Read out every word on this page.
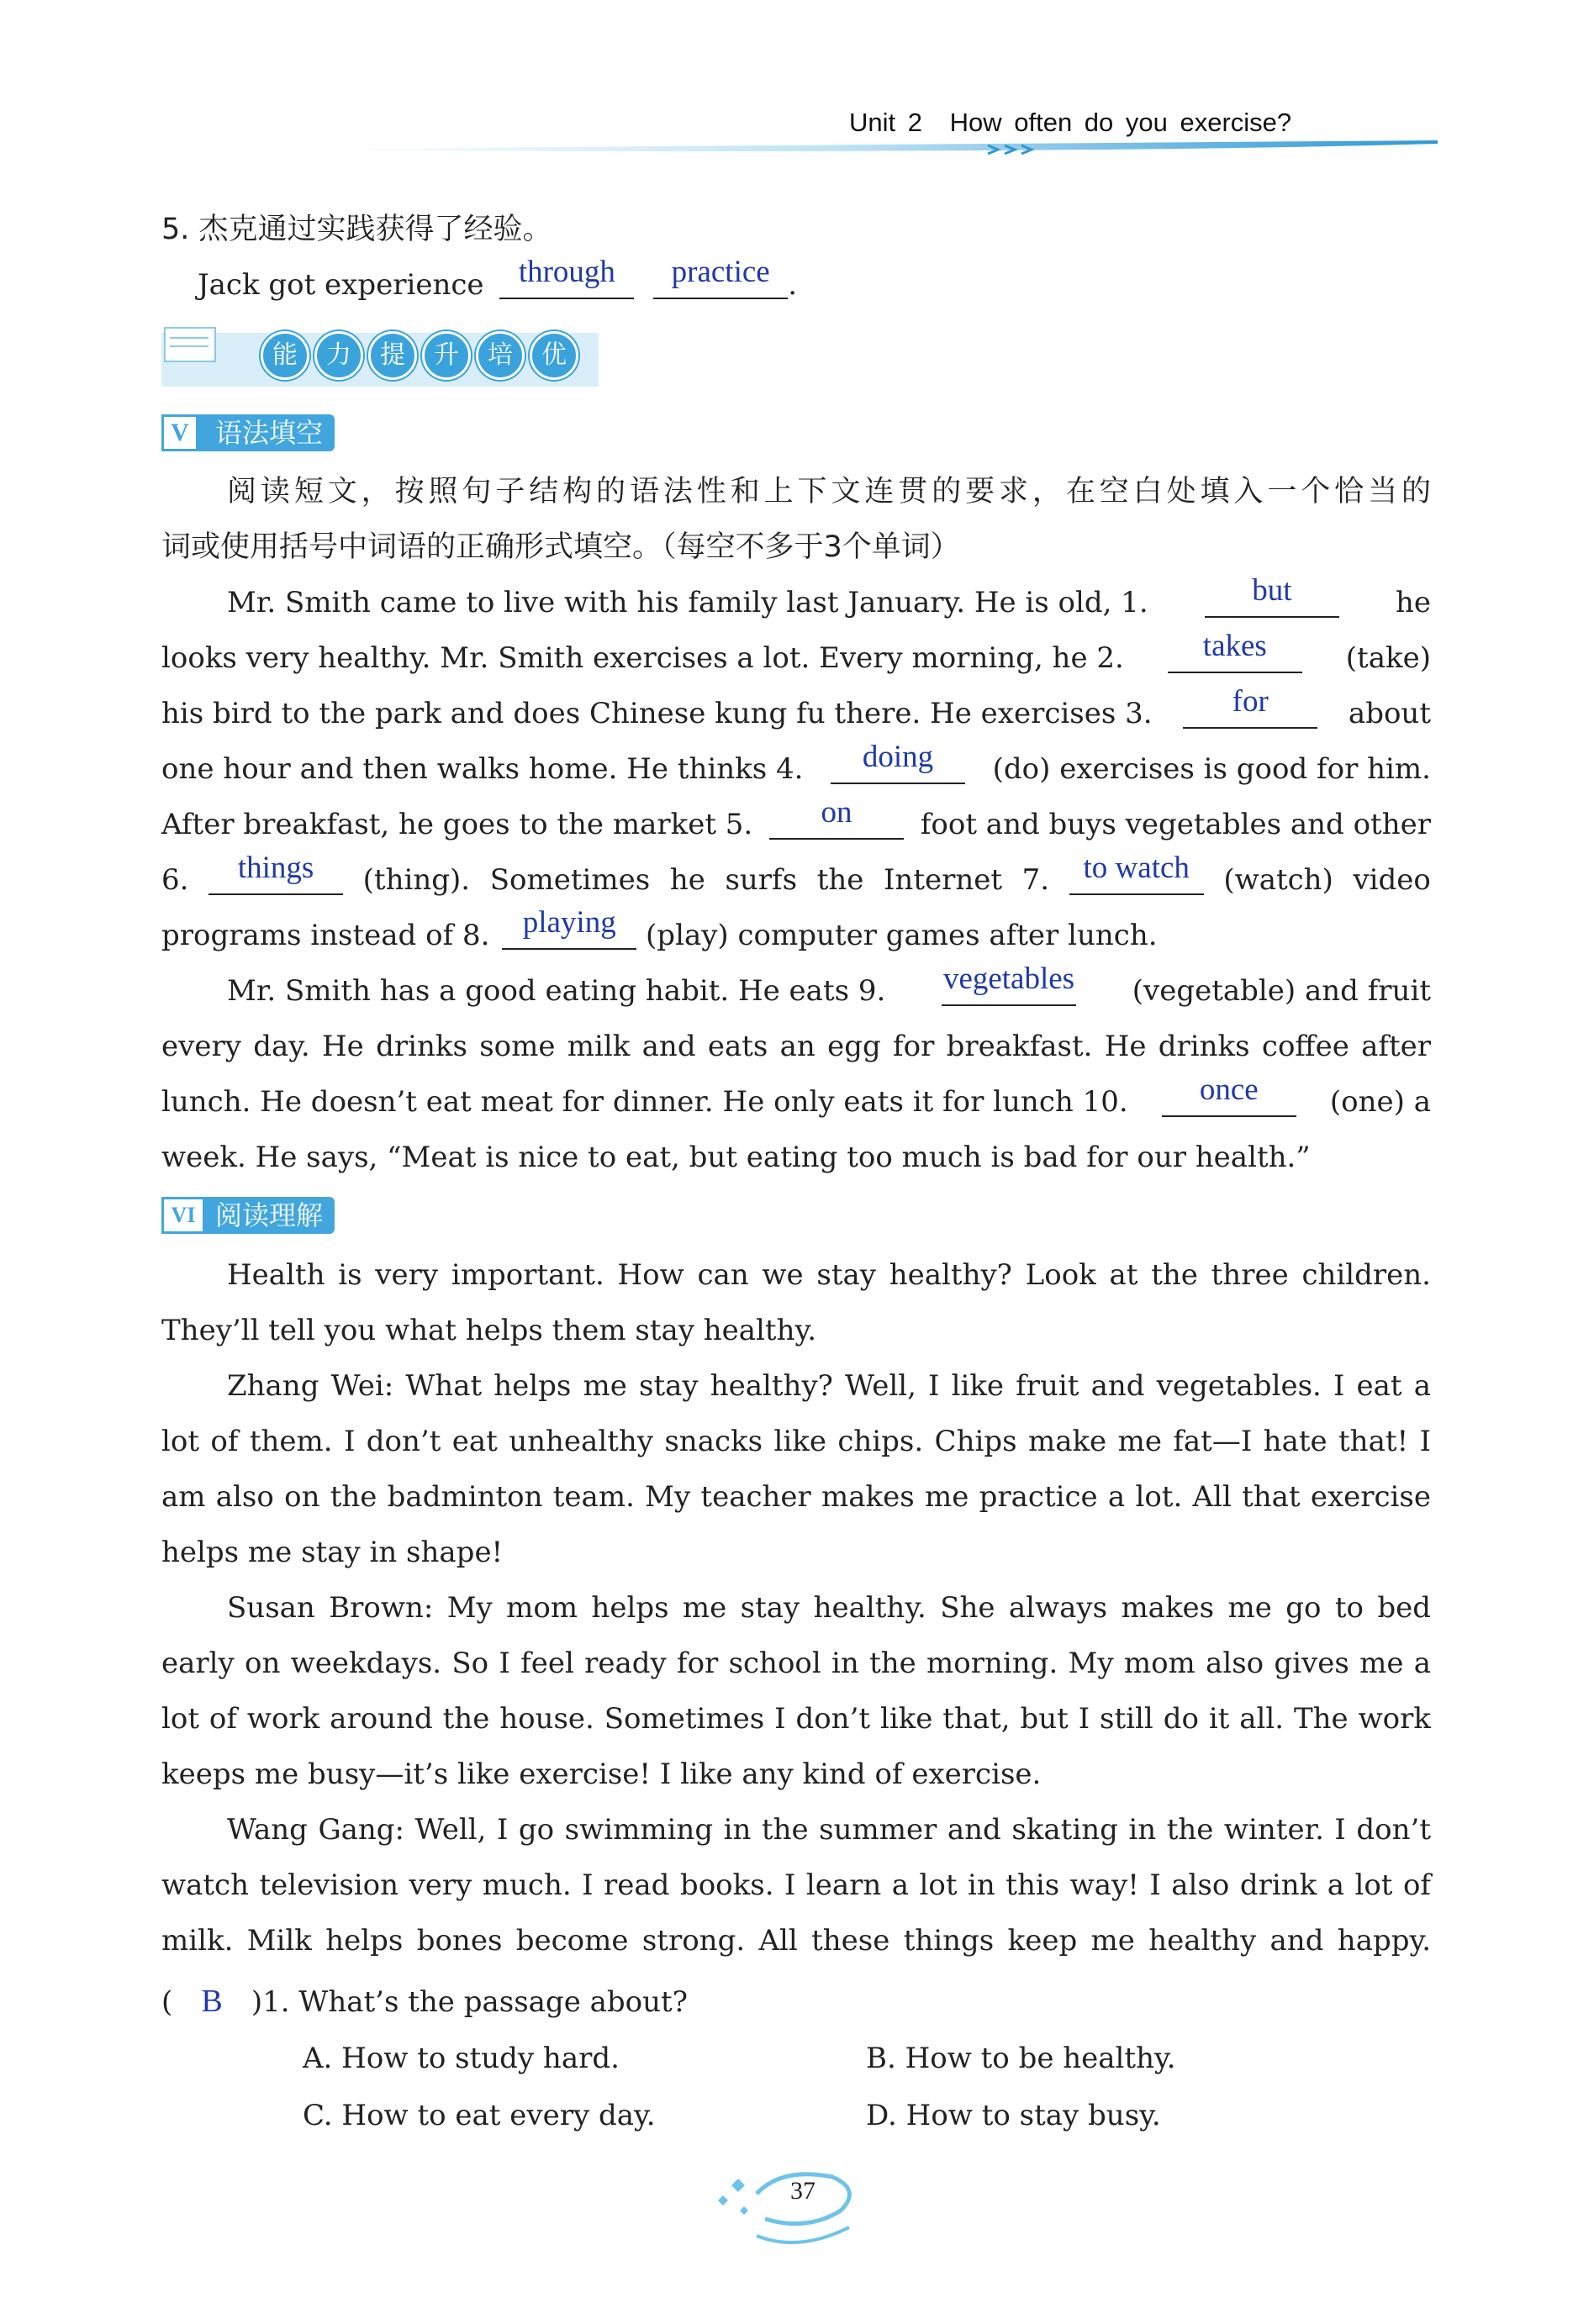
Unit 2 How often do you exercise?
5. 杰克通过实践获得了经验。
Jack got experience	through
	practice .
能	力	提	升	培	优
语法填空
V
阅读短文，按照句子结构的语法性和上下文连贯的要求，在空白处填入一个恰当的
词或使用括号中词语的正确形式填空。（每空不多于3个单词）
Mr. Smith came to live with his family last January. He is old, 1.	but	he
looks very healthy. Mr. Smith exercises a lot. Every morning, he 2.	takes	(take)
his bird to the park and does Chinese kung fu there. He exercises 3.	for	about
one hour and then walks home. He thinks 4.	doing	(do) exercises is good for him.
After breakfast, he goes to the market 5.	on	foot and buys vegetables and other
6.	things	(thing). Sometimes he surfs the Internet 7.	to watch	(watch) video
programs instead of 8.	playing	(play) computer games after lunch.
Mr. Smith has a good eating habit. He eats 9. vegetables (vegetable) and fruit
every day. He drinks some milk and eats an egg for breakfast. He drinks coffee after
lunch. He doesn’t eat meat for dinner. He only eats it for lunch 10.	once	(one) a
week. He says, “Meat is nice to eat, but eating too much is bad for our health.”
阅读理解
VI
Health is very important. How can we stay healthy? Look at the three children.
They’ll tell you what helps them stay healthy.
Zhang Wei: What helps me stay healthy? Well, I like fruit and vegetables. I eat a
lot of them. I don’t eat unhealthy snacks like chips. Chips make me fat—I hate that! I
am also on the badminton team. My teacher makes me practice a lot. All that exercise
helps me stay in shape!
Susan Brown: My mom helps me stay healthy. She always makes me go to bed
early on weekdays. So I feel ready for school in the morning. My mom also gives me a
lot of work around the house. Sometimes I don’t like that, but I still do it all. The work
keeps me busy—it’s like exercise! I like any kind of exercise.
Wang Gang: Well, I go swimming in the summer and skating in the winter. I don’t
watch television very much. I read books. I learn a lot in this way! I also drink a lot of
milk. Milk helps bones become strong. All these things keep me healthy and happy.
( B )1. What’s the passage about?
A. How to study hard.	B. How to be healthy.
C. How to eat every day.	D. How to stay busy.
37
